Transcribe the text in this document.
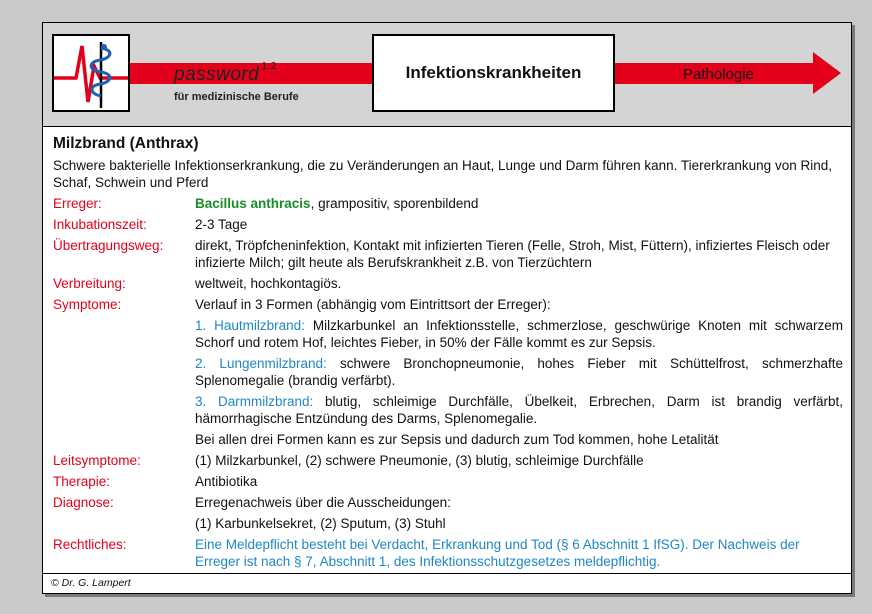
password $^{1.2}$
für medizinische Berufe
Infektionskrankheiten	Pathologie
Milzbrand (Anthrax)
Schwere bakterielle Infektionserkrankung, die zu Veränderungen an Haut, Lunge und Darm führen kann. Tiererkrankung von Rind, Schaf, Schwein und Pferd
Erreger:	Bacillus anthracis, grampositiv, sporenbildend
Inkubationszeit:	2-3 Tage
Übertragungsweg:	direkt, Tröpfcheninfektion, Kontakt mit infizierten Tieren (Felle, Stroh, Mist, Füttern), infiziertes Fleisch oder infizierte Milch; gilt heute als Berufskrankheit z.B. von Tierzüchtern
Verbreitung:	weltweit, hochkontagiös.
Symptome:	Verlauf in 3 Formen (abhängig vom Eintrittsort der Erreger):
1. Hautmilzbrand: Milzkarbunkel an Infektionsstelle, schmerzlose, geschwürige Knoten mit schwarzem Schorf und rotem Hof, leichtes Fieber, in 50% der Fälle kommt es zur Sepsis.
2. Lungenmilzbrand: schwere Bronchopneumonie, hohes Fieber mit Schüttelfrost, schmerzhafte Splenomegalie (brandig verfärbt).
3. Darmmilzbrand: blutig, schleimige Durchfälle, Übelkeit, Erbrechen, Darm ist brandig verfärbt, hämorrhagische Entzündung des Darms, Splenomegalie.
Bei allen drei Formen kann es zur Sepsis und dadurch zum Tod kommen, hohe Letalität
Leitsymptome:	(1) Milzkarbunkel, (2) schwere Pneumonie, (3) blutig, schleimige Durchfälle
Therapie:	Antibiotika
Diagnose:	Erregenachweis über die Ausscheidungen:
(1) Karbunkelsekret, (2) Sputum, (3) Stuhl
Rechtliches:	Eine Meldepflicht besteht bei Verdacht, Erkrankung und Tod (§ 6 Abschnitt 1 IfSG). Der Nachweis der Erreger ist nach § 7, Abschnitt 1, des Infektionsschutzgesetzes meldepflichtig.
© Dr. G. Lampert
